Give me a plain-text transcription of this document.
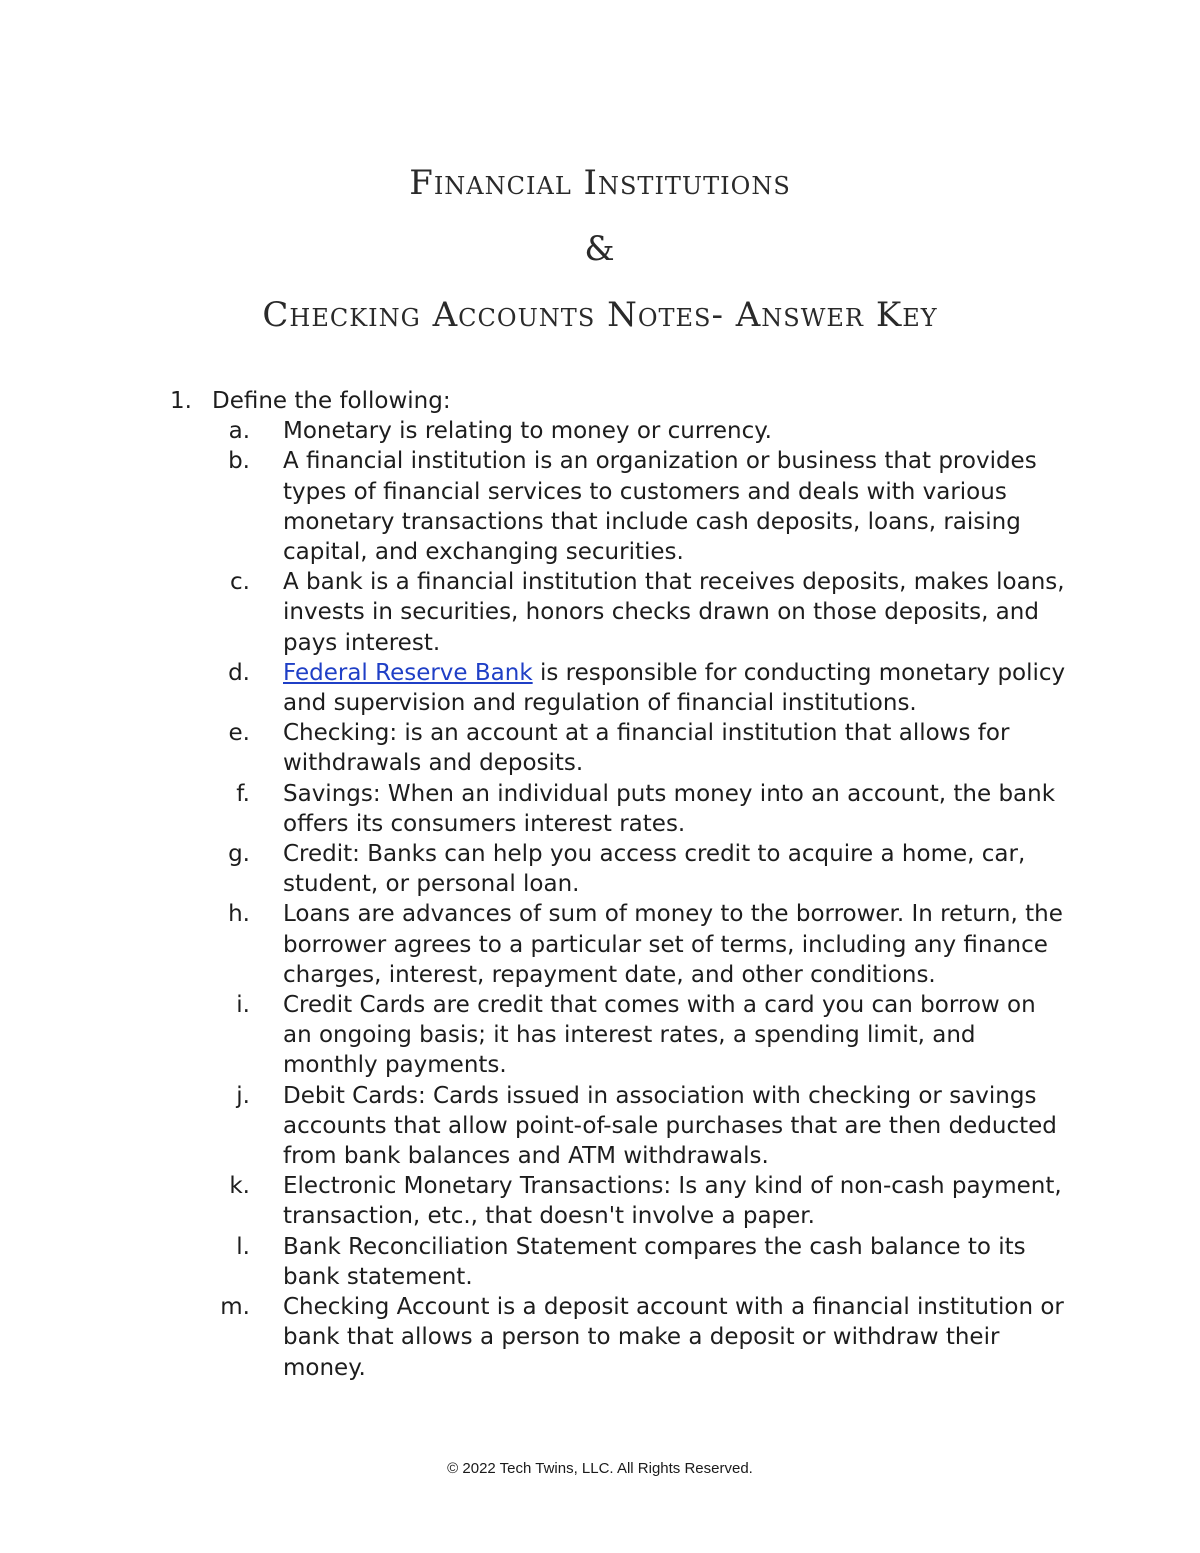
Financial Institutions
&
Checking Accounts Notes- Answer Key
1. Define the following:
a. Monetary is relating to money or currency.
b. A financial institution is an organization or business that provides types of financial services to customers and deals with various monetary transactions that include cash deposits, loans, raising capital, and exchanging securities.
c. A bank is a financial institution that receives deposits, makes loans, invests in securities, honors checks drawn on those deposits, and pays interest.
d. Federal Reserve Bank is responsible for conducting monetary policy and supervision and regulation of financial institutions.
e. Checking: is an account at a financial institution that allows for withdrawals and deposits.
f. Savings: When an individual puts money into an account, the bank offers its consumers interest rates.
g. Credit: Banks can help you access credit to acquire a home, car, student, or personal loan.
h. Loans are advances of sum of money to the borrower. In return, the borrower agrees to a particular set of terms, including any finance charges, interest, repayment date, and other conditions.
i. Credit Cards are credit that comes with a card you can borrow on an ongoing basis; it has interest rates, a spending limit, and monthly payments.
j. Debit Cards: Cards issued in association with checking or savings accounts that allow point-of-sale purchases that are then deducted from bank balances and ATM withdrawals.
k. Electronic Monetary Transactions: Is any kind of non-cash payment, transaction, etc., that doesn't involve a paper.
l. Bank Reconciliation Statement compares the cash balance to its bank statement.
m. Checking Account is a deposit account with a financial institution or bank that allows a person to make a deposit or withdraw their money.
© 2022 Tech Twins, LLC. All Rights Reserved.
